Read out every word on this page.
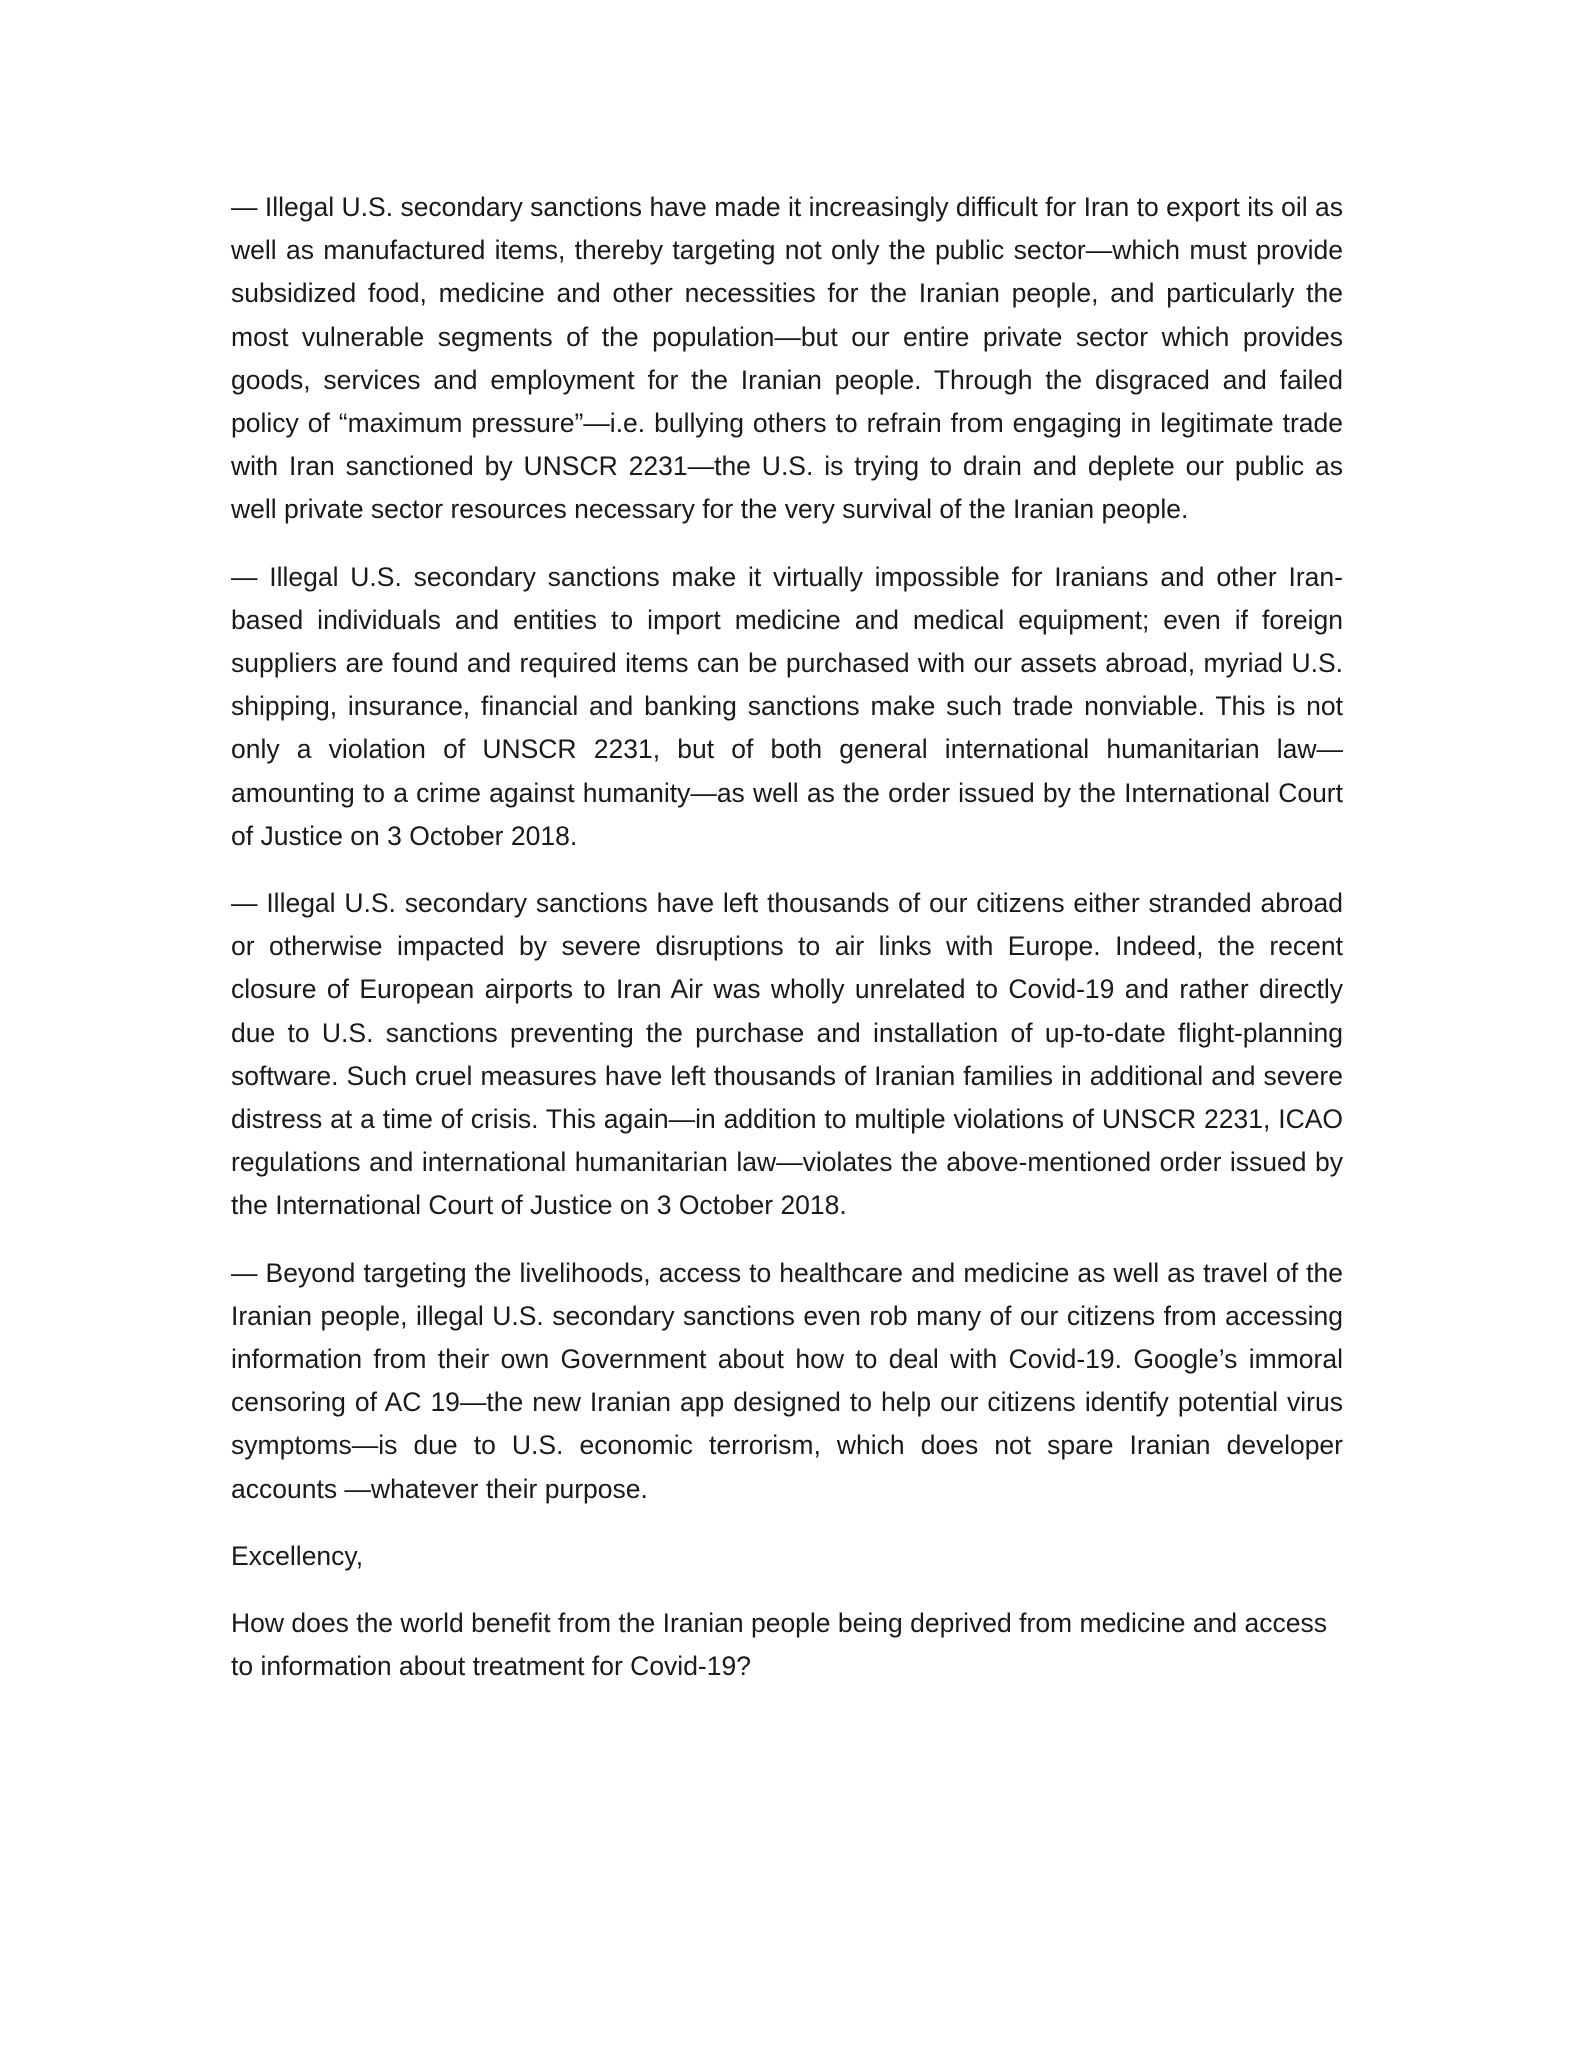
— Illegal U.S. secondary sanctions have made it increasingly difficult for Iran to export its oil as well as manufactured items, thereby targeting not only the public sector—which must provide subsidized food, medicine and other necessities for the Iranian people, and particularly the most vulnerable segments of the population—but our entire private sector which provides goods, services and employment for the Iranian people. Through the disgraced and failed policy of “maximum pressure”—i.e. bullying others to refrain from engaging in legitimate trade with Iran sanctioned by UNSCR 2231—the U.S. is trying to drain and deplete our public as well private sector resources necessary for the very survival of the Iranian people.

— Illegal U.S. secondary sanctions make it virtually impossible for Iranians and other Iran-based individuals and entities to import medicine and medical equipment; even if foreign suppliers are found and required items can be purchased with our assets abroad, myriad U.S. shipping, insurance, financial and banking sanctions make such trade nonviable. This is not only a violation of UNSCR 2231, but of both general international humanitarian law—amounting to a crime against humanity—as well as the order issued by the International Court of Justice on 3 October 2018.

— Illegal U.S. secondary sanctions have left thousands of our citizens either stranded abroad or otherwise impacted by severe disruptions to air links with Europe. Indeed, the recent closure of European airports to Iran Air was wholly unrelated to Covid-19 and rather directly due to U.S. sanctions preventing the purchase and installation of up-to-date flight-planning software. Such cruel measures have left thousands of Iranian families in additional and severe distress at a time of crisis. This again—in addition to multiple violations of UNSCR 2231, ICAO regulations and international humanitarian law—violates the above-mentioned order issued by the International Court of Justice on 3 October 2018.

— Beyond targeting the livelihoods, access to healthcare and medicine as well as travel of the Iranian people, illegal U.S. secondary sanctions even rob many of our citizens from accessing information from their own Government about how to deal with Covid-19. Google’s immoral censoring of AC 19—the new Iranian app designed to help our citizens identify potential virus symptoms—is due to U.S. economic terrorism, which does not spare Iranian developer accounts —whatever their purpose.

Excellency,

How does the world benefit from the Iranian people being deprived from medicine and access to information about treatment for Covid-19?
